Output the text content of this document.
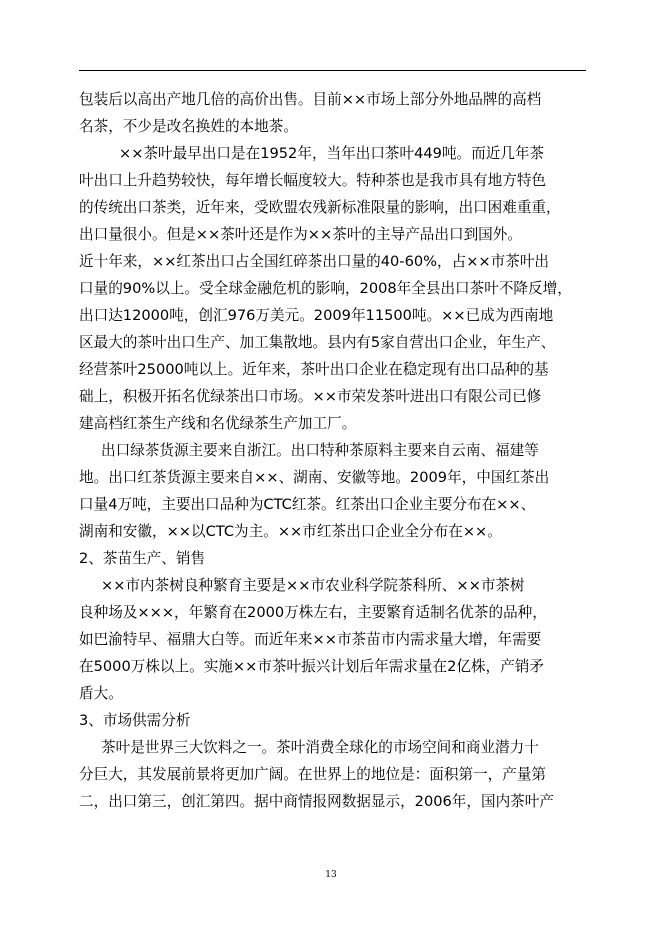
包装后以高出产地几倍的高价出售。目前××市场上部分外地品牌的高档
名茶，不少是改名换姓的本地茶。
××茶叶最早出口是在1952年，当年出口茶叶449吨。而近几年茶
叶出口上升趋势较快，每年增长幅度较大。特种茶也是我市具有地方特色
的传统出口茶类，近年来，受欧盟农残新标准限量的影响，出口困难重重，
出口量很小。但是××茶叶还是作为××茶叶的主导产品出口到国外。
近十年来，××红茶出口占全国红碎茶出口量的40-60%，占××市茶叶出
口量的90%以上。受全球金融危机的影响，2008年全县出口茶叶不降反增，
出口达12000吨，创汇976万美元。2009年11500吨。××已成为西南地
区最大的茶叶出口生产、加工集散地。县内有5家自营出口企业，年生产、
经营茶叶25000吨以上。近年来，茶叶出口企业在稳定现有出口品种的基
础上，积极开拓名优绿茶出口市场。××市荣发茶叶进出口有限公司已修
建高档红茶生产线和名优绿茶生产加工厂。
出口绿茶货源主要来自浙江。出口特种茶原料主要来自云南、福建等
地。出口红茶货源主要来自××、湖南、安徽等地。2009年，中国红茶出
口量4万吨，主要出口品种为CTC红茶。红茶出口企业主要分布在××、
湖南和安徽，××以CTC为主。××市红茶出口企业全分布在××。
2、茶苗生产、销售
××市内茶树良种繁育主要是××市农业科学院茶科所、××市茶树
良种场及×××，年繁育在2000万株左右，主要繁育适制名优茶的品种，
如巴渝特早、福鼎大白等。而近年来××市茶苗市内需求量大增，年需要
在5000万株以上。实施××市茶叶振兴计划后年需求量在2亿株，产销矛
盾大。
3、市场供需分析
茶叶是世界三大饮料之一。茶叶消费全球化的市场空间和商业潜力十
分巨大，其发展前景将更加广阔。在世界上的地位是：面积第一，产量第
二，出口第三，创汇第四。据中商情报网数据显示，2006年，国内茶叶产
13
